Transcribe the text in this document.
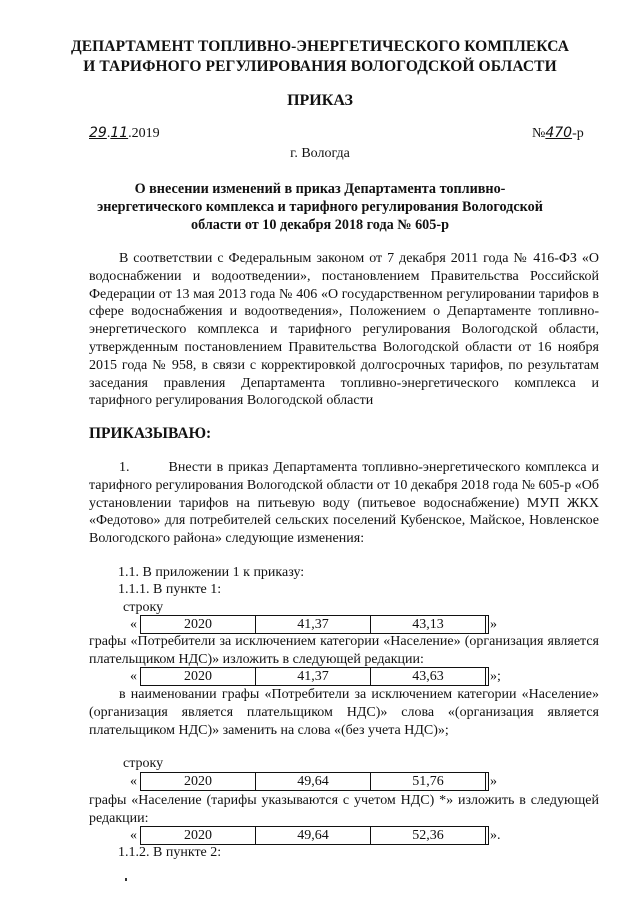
ДЕПАРТАМЕНТ ТОПЛИВНО-ЭНЕРГЕТИЧЕСКОГО КОМПЛЕКСА
И ТАРИФНОГО РЕГУЛИРОВАНИЯ ВОЛОГОДСКОЙ ОБЛАСТИ
ПРИКАЗ
29.11.2019	№470-р
г. Вологда
О внесении изменений в приказ Департамента топливно-
энергетического комплекса и тарифного регулирования Вологодской
области от 10 декабря 2018 года № 605-р
В соответствии с Федеральным законом от 7 декабря 2011 года № 416-ФЗ «О водоснабжении и водоотведении», постановлением Правительства Российской Федерации от 13 мая 2013 года № 406 «О государственном регулировании тарифов в сфере водоснабжения и водоотведения», Положением о Департаменте топливно-энергетического комплекса и тарифного регулирования Вологодской области, утвержденным постановлением Правительства Вологодской области от 16 ноября 2015 года № 958, в связи с корректировкой долгосрочных тарифов, по результатам заседания правления Департамента топливно-энергетического комплекса и тарифного регулирования Вологодской области
ПРИКАЗЫВАЮ:
1.        Внести в приказ Департамента топливно-энергетического комплекса и тарифного регулирования Вологодской области от 10 декабря 2018 года № 605-р «Об установлении тарифов на питьевую воду (питьевое водоснабжение) МУП ЖКХ «Федотово» для потребителей сельских поселений Кубенское, Майское, Новленское Вологодского района» следующие изменения:
1.1. В приложении 1 к приказу:
1.1.1. В пункте 1:
строку
«	2020	41,37	43,13	»
графы «Потребители за исключением категории «Население» (организация является плательщиком НДС)» изложить в следующей редакции:
«	2020	41,37	43,63	»;
в наименовании графы «Потребители за исключением категории «Население» (организация является плательщиком НДС)» слова «(организация является плательщиком НДС)» заменить на слова «(без учета НДС)»;
строку
«	2020	49,64	51,76	»
графы «Население (тарифы указываются с учетом НДС) *» изложить в следующей редакции:
«	2020	49,64	52,36	».
1.1.2. В пункте 2:
